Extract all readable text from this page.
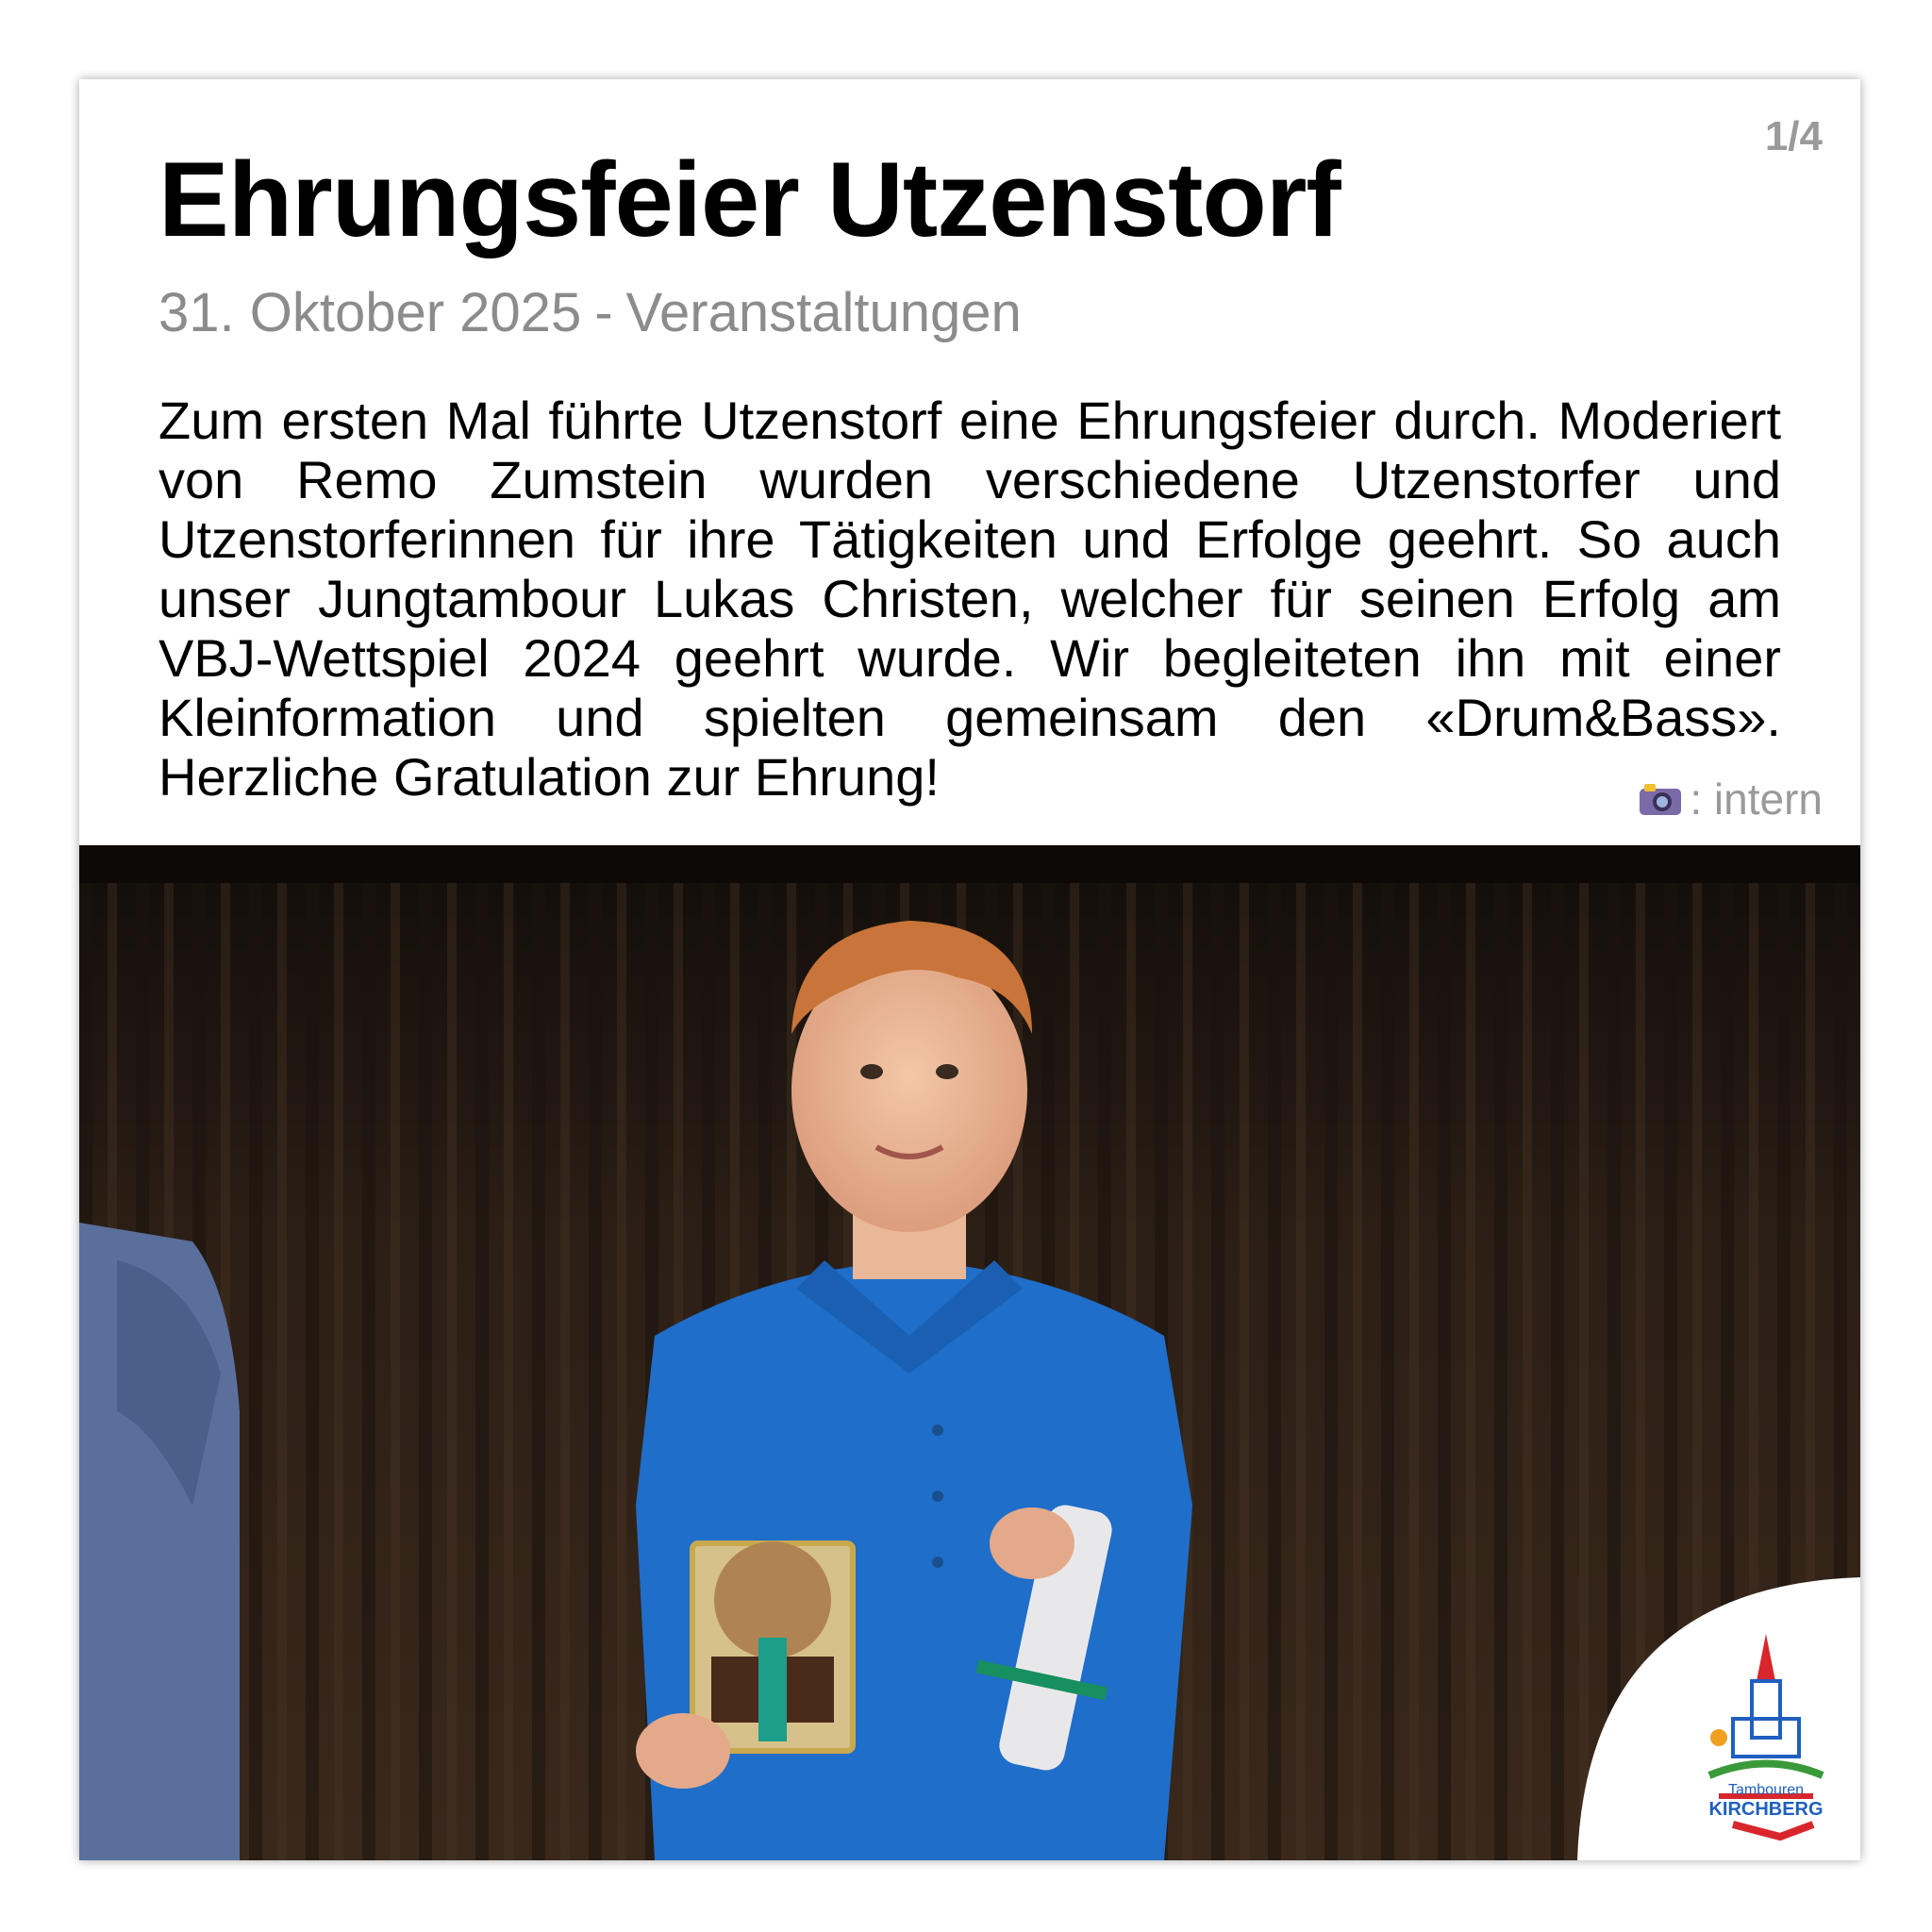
1/4
Ehrungsfeier Utzenstorf
31. Oktober 2025 - Veranstaltungen

Zum ersten Mal führte Utzenstorf eine Ehrungsfeier durch. Moderiert von Remo Zumstein wurden verschiedene Utzenstorfer und Utzenstorferinnen für ihre Tätigkeiten und Erfolge geehrt. So auch unser Jungtambour Lukas Christen, welcher für seinen Erfolg am VBJ-Wettspiel 2024 geehrt wurde. Wir begleiteten ihn mit einer Kleinformation und spielten gemeinsam den «Drum&Bass». Herzliche Gratulation zur Ehrung!	: intern
Tambouren
KIRCHBERG
